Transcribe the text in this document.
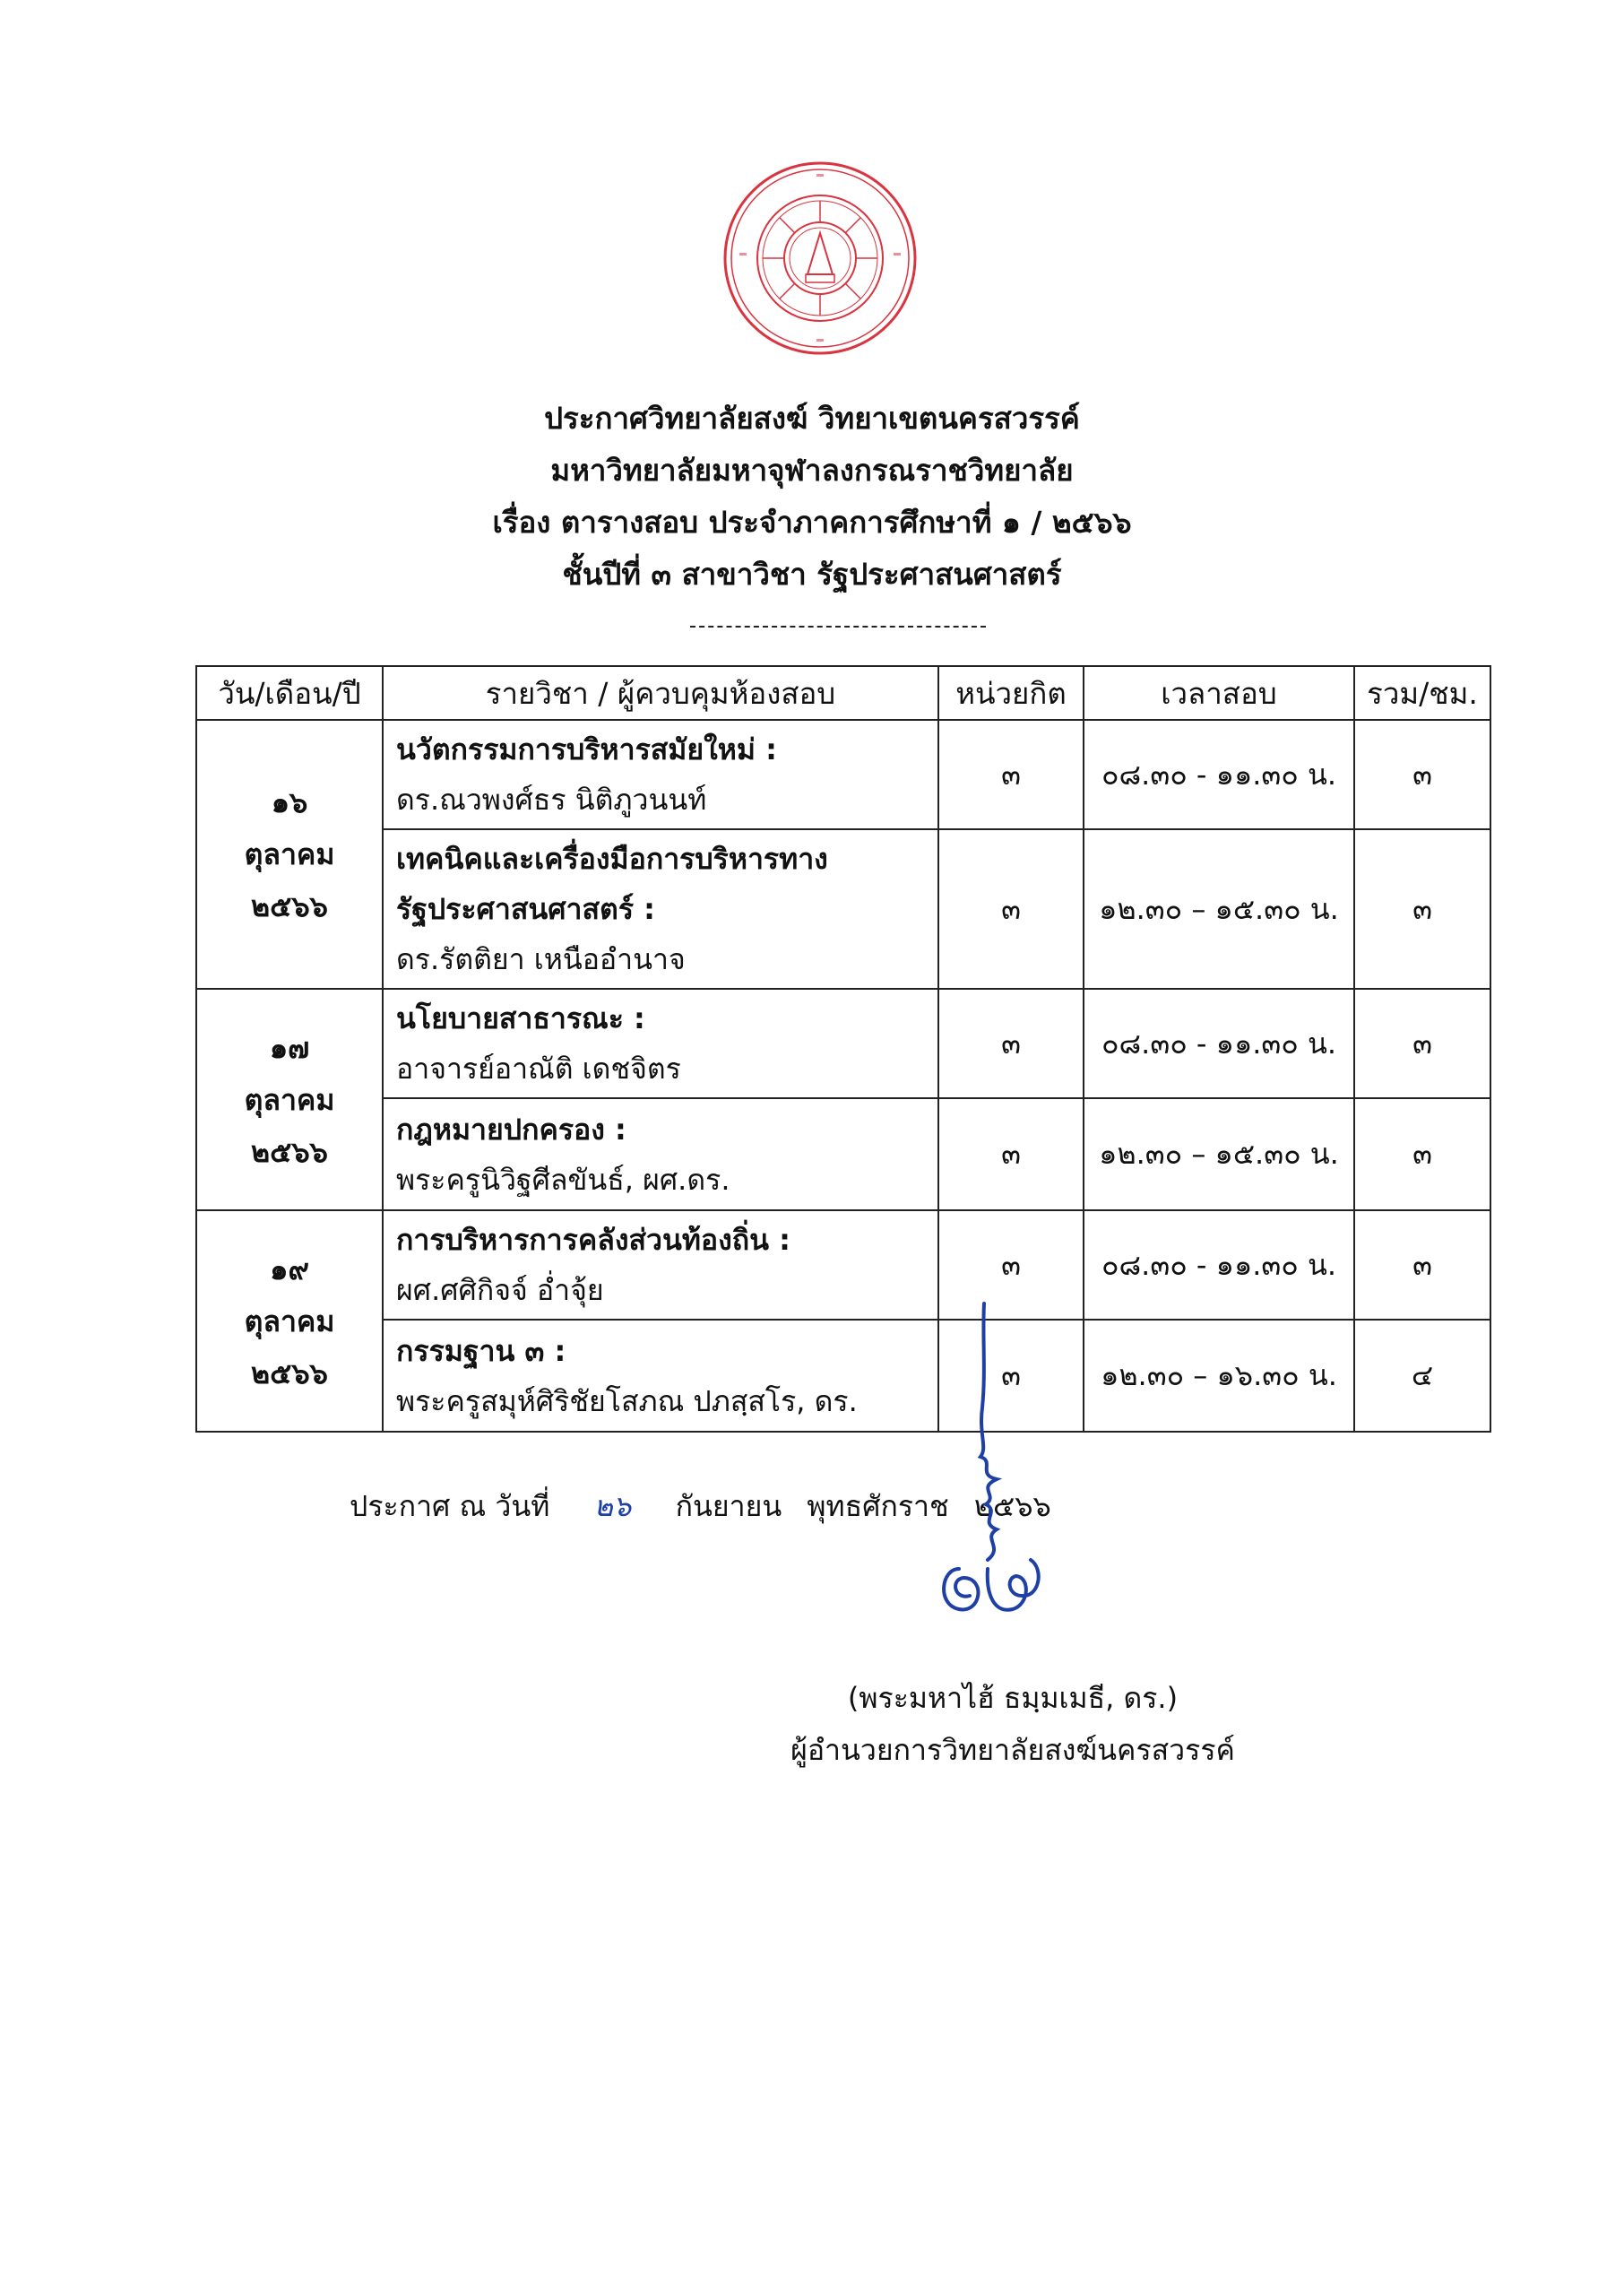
ประกาศวิทยาลัยสงฆ์ วิทยาเขตนครสวรรค์
มหาวิทยาลัยมหาจุฬาลงกรณราชวิทยาลัย
เรื่อง ตารางสอบ ประจำภาคการศึกษาที่ ๑ / ๒๕๖๖
ชั้นปีที่ ๓ สาขาวิชา รัฐประศาสนศาสตร์
วัน/เดือน/ปี	รายวิชา / ผู้ควบคุมห้องสอบ	หน่วยกิต	เวลาสอบ	รวม/ชม.

๑๖
ตุลาคม
๒๕๖๖	นวัตกรรมการบริหารสมัยใหม่ :
ดร.ณวพงศ์ธร นิติภูวนนท์	๓	๐๘.๓๐ - ๑๑.๓๐ น.	๓

	เทคนิคและเครื่องมือการบริหารทาง
รัฐประศาสนศาสตร์ :
ดร.รัตติยา เหนืออำนาจ	๓	๑๒.๓๐ – ๑๕.๓๐ น.	๓

๑๗
ตุลาคม
๒๕๖๖	นโยบายสาธารณะ :
อาจารย์อาณัติ เดชจิตร	๓	๐๘.๓๐ - ๑๑.๓๐ น.	๓

	กฎหมายปกครอง :
พระครูนิวิฐศีลขันธ์, ผศ.ดร.	๓	๑๒.๓๐ – ๑๕.๓๐ น.	๓

๑๙
ตุลาคม
๒๕๖๖	การบริหารการคลังส่วนท้องถิ่น :
ผศ.ศศิกิจจ์ อ่ำจุ้ย	๓	๐๘.๓๐ - ๑๑.๓๐ น.	๓

	กรรมฐาน ๓ :
พระครูสมุห์ศิริชัยโสภณ ปภสฺสโร, ดร.	๓	๑๒.๓๐ – ๑๖.๓๐ น.	๔
ประกาศ ณ วันที่ ๒๖ กันยายน พุทธศักราช ๒๕๖๖
(พระมหาไฮ้ ธมฺมเมธี, ดร.)
ผู้อำนวยการวิทยาลัยสงฆ์นครสวรรค์
